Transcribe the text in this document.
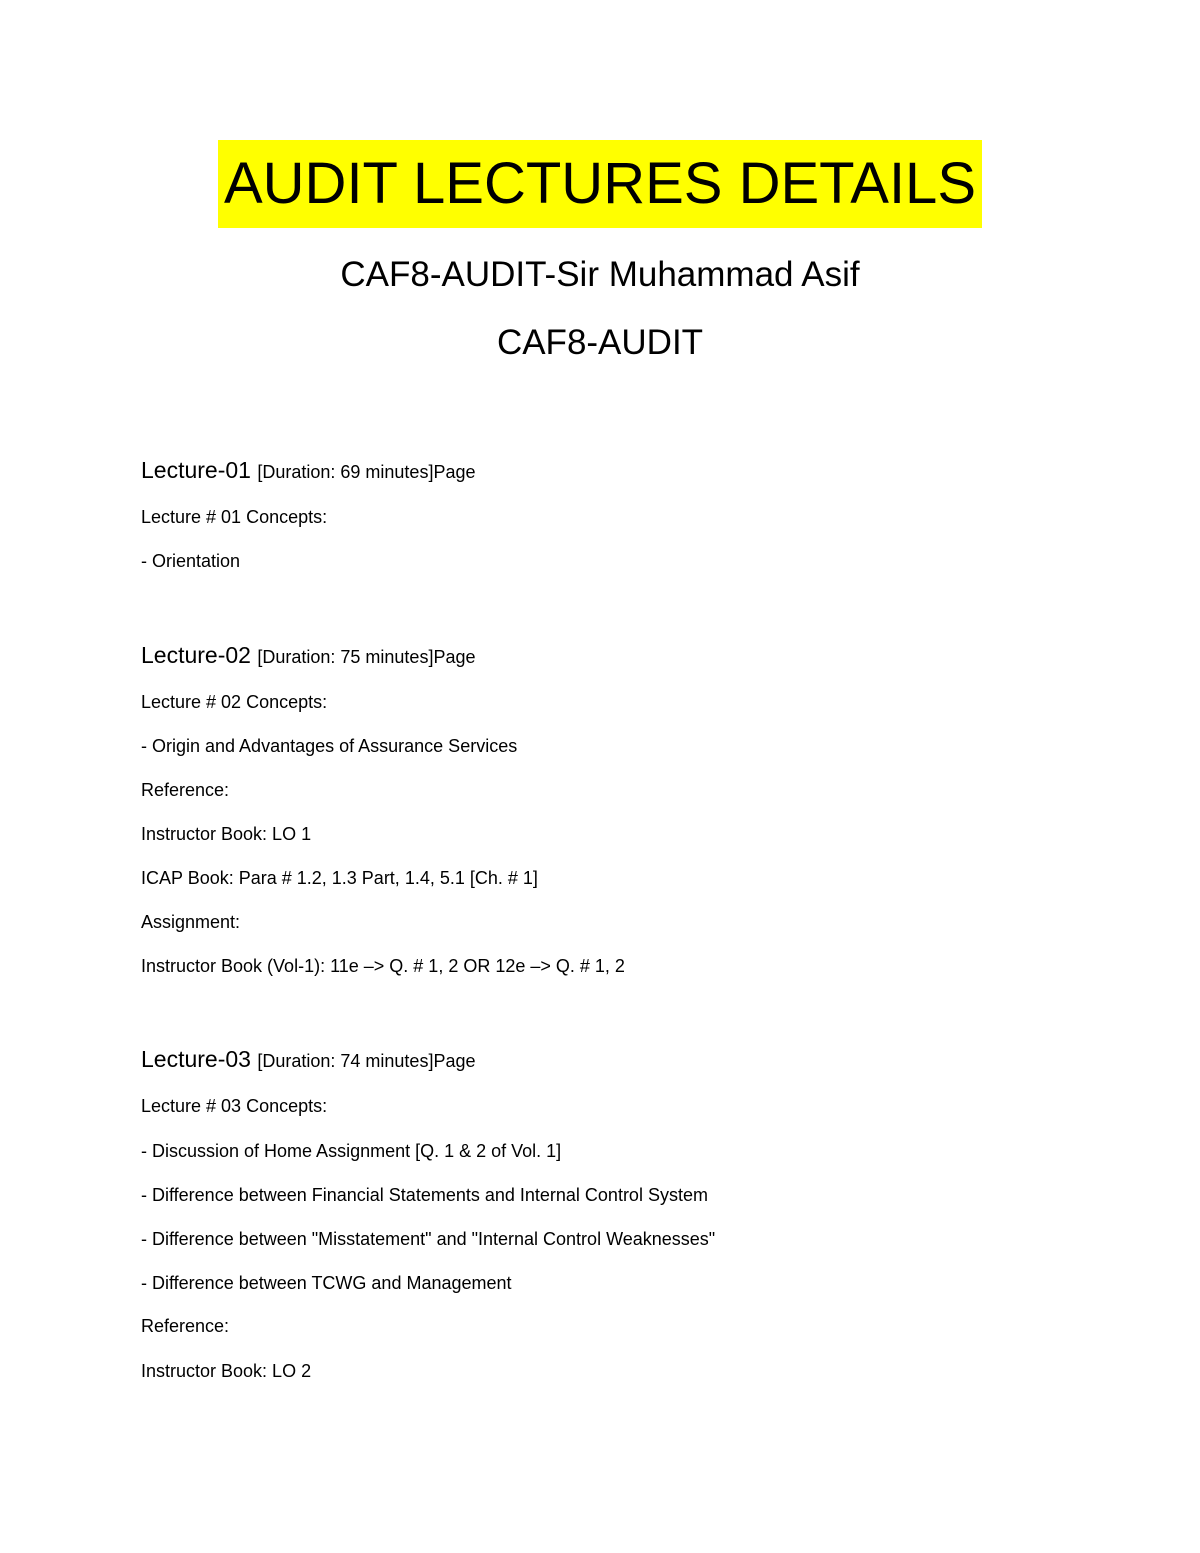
AUDIT LECTURES DETAILS
CAF8-AUDIT-Sir Muhammad Asif
CAF8-AUDIT
Lecture-01 [Duration: 69 minutes]Page
Lecture # 01 Concepts:
- Orientation
Lecture-02 [Duration: 75 minutes]Page
Lecture # 02 Concepts:
- Origin and Advantages of Assurance Services
Reference:
Instructor Book: LO 1
ICAP Book: Para # 1.2, 1.3 Part, 1.4, 5.1 [Ch. # 1]
Assignment:
Instructor Book (Vol-1): 11e –> Q. # 1, 2 OR 12e –> Q. # 1, 2
Lecture-03 [Duration: 74 minutes]Page
Lecture # 03 Concepts:
- Discussion of Home Assignment [Q. 1 & 2 of Vol. 1]
- Difference between Financial Statements and Internal Control System
- Difference between "Misstatement" and "Internal Control Weaknesses"
- Difference between TCWG and Management
Reference:
Instructor Book: LO 2
